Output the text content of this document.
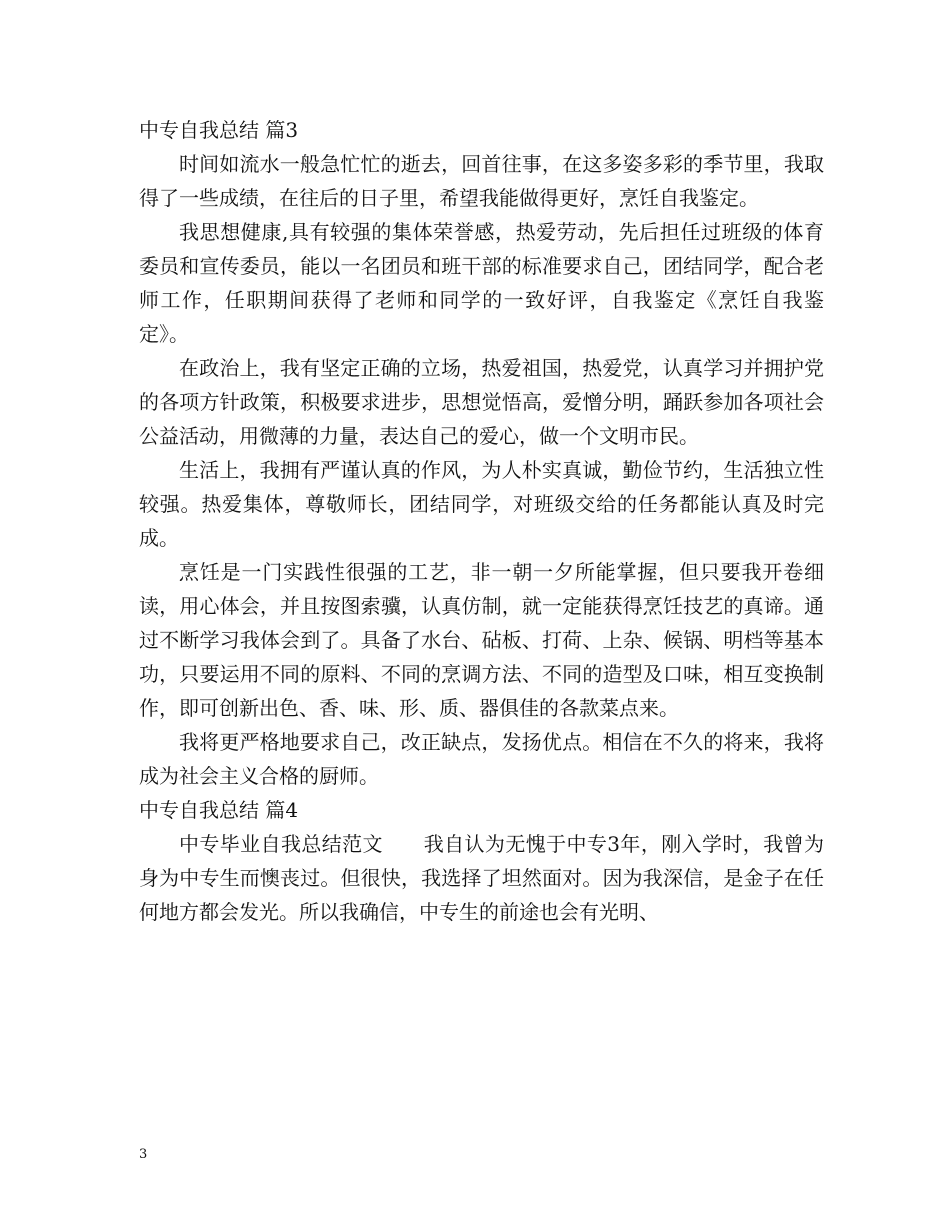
中专自我总结 篇3

时间如流水一般急忙忙的逝去，回首往事，在这多姿多彩的季节里，我取得了一些成绩，在往后的日子里，希望我能做得更好，烹饪自我鉴定。

我思想健康,具有较强的集体荣誉感，热爱劳动，先后担任过班级的体育委员和宣传委员，能以一名团员和班干部的标准要求自己，团结同学，配合老师工作，任职期间获得了老师和同学的一致好评，自我鉴定《烹饪自我鉴定》。

在政治上，我有坚定正确的立场，热爱祖国，热爱党，认真学习并拥护党的各项方针政策，积极要求进步，思想觉悟高，爱憎分明，踊跃参加各项社会公益活动，用微薄的力量，表达自己的爱心，做一个文明市民。

生活上，我拥有严谨认真的作风，为人朴实真诚，勤俭节约，生活独立性较强。热爱集体，尊敬师长，团结同学，对班级交给的任务都能认真及时完成。

烹饪是一门实践性很强的工艺，非一朝一夕所能掌握，但只要我开卷细读，用心体会，并且按图索骥，认真仿制，就一定能获得烹饪技艺的真谛。通过不断学习我体会到了。具备了水台、砧板、打荷、上杂、候锅、明档等基本功，只要运用不同的原料、不同的烹调方法、不同的造型及口味，相互变换制作，即可创新出色、香、味、形、质、器俱佳的各款菜点来。

我将更严格地要求自己，改正缺点，发扬优点。相信在不久的将来，我将成为社会主义合格的厨师。

中专自我总结 篇4

中专毕业自我总结范文　　我自认为无愧于中专3年，刚入学时，我曾为身为中专生而懊丧过。但很快，我选择了坦然面对。因为我深信，是金子在任何地方都会发光。所以我确信，中专生的前途也会有光明、

3
